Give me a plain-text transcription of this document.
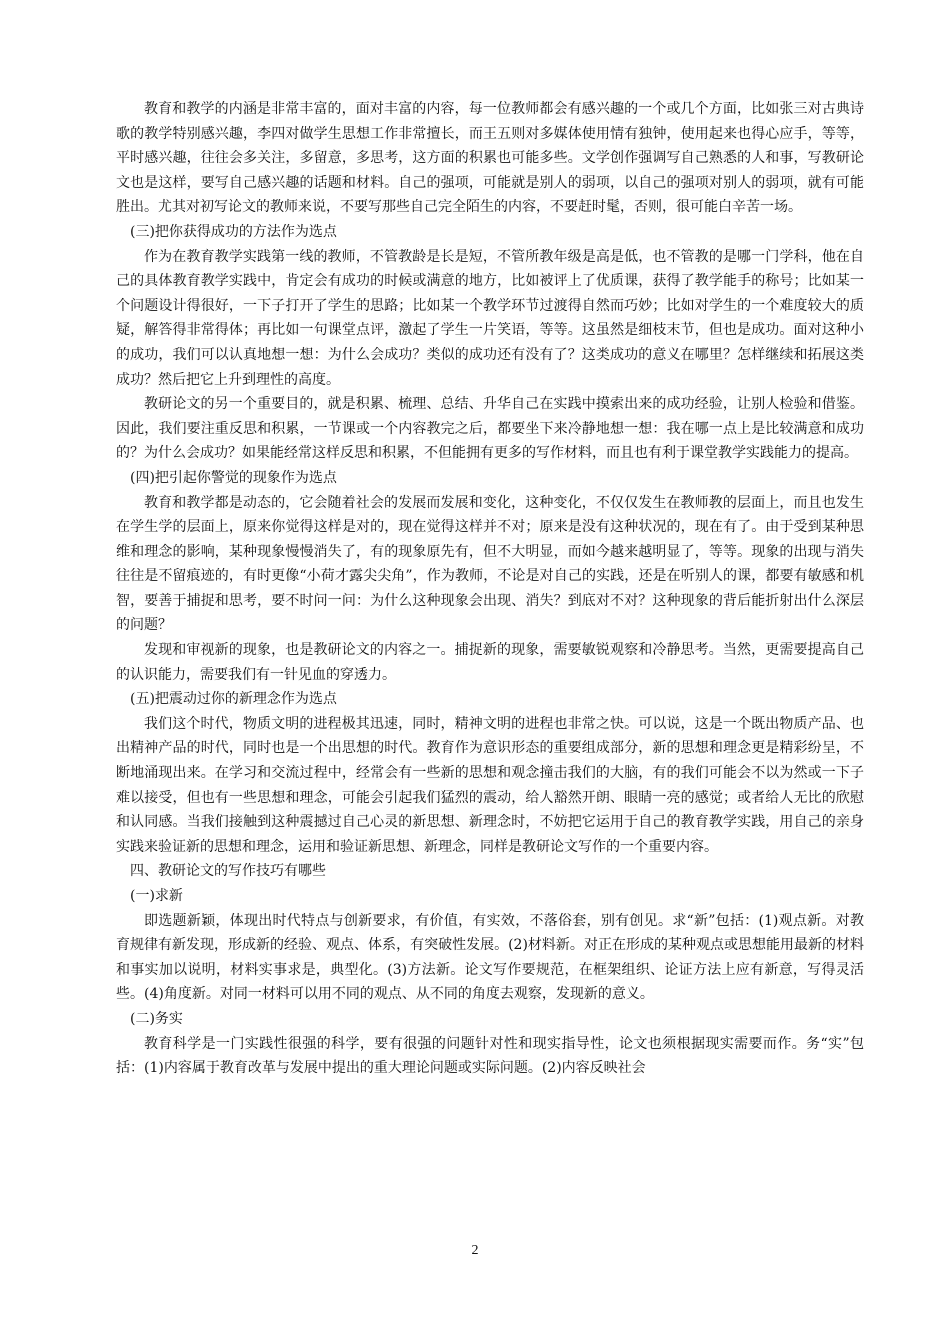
教育和教学的内涵是非常丰富的，面对丰富的内容，每一位教师都会有感兴趣的一个或几个方面，比如张三对古典诗歌的教学特别感兴趣，李四对做学生思想工作非常擅长，而王五则对多媒体使用情有独钟，使用起来也得心应手，等等，平时感兴趣，往往会多关注，多留意，多思考，这方面的积累也可能多些。文学创作强调写自己熟悉的人和事，写教研论文也是这样，要写自己感兴趣的话题和材料。自己的强项，可能就是别人的弱项，以自己的强项对别人的弱项，就有可能胜出。尤其对初写论文的教师来说，不要写那些自己完全陌生的内容，不要赶时髦，否则，很可能白辛苦一场。

(三)把你获得成功的方法作为选点

作为在教育教学实践第一线的教师，不管教龄是长是短，不管所教年级是高是低，也不管教的是哪一门学科，他在自己的具体教育教学实践中，肯定会有成功的时候或满意的地方，比如被评上了优质课，获得了教学能手的称号；比如某一个问题设计得很好，一下子打开了学生的思路；比如某一个教学环节过渡得自然而巧妙；比如对学生的一个难度较大的质疑，解答得非常得体；再比如一句课堂点评，激起了学生一片笑语，等等。这虽然是细枝末节，但也是成功。面对这种小的成功，我们可以认真地想一想：为什么会成功？类似的成功还有没有了？这类成功的意义在哪里？怎样继续和拓展这类成功？然后把它上升到理性的高度。

教研论文的另一个重要目的，就是积累、梳理、总结、升华自己在实践中摸索出来的成功经验，让别人检验和借鉴。因此，我们要注重反思和积累，一节课或一个内容教完之后，都要坐下来冷静地想一想：我在哪一点上是比较满意和成功的？为什么会成功？如果能经常这样反思和积累，不但能拥有更多的写作材料，而且也有利于课堂教学实践能力的提高。

(四)把引起你警觉的现象作为选点

教育和教学都是动态的，它会随着社会的发展而发展和变化，这种变化，不仅仅发生在教师教的层面上，而且也发生在学生学的层面上，原来你觉得这样是对的，现在觉得这样并不对；原来是没有这种状况的，现在有了。由于受到某种思维和理念的影响，某种现象慢慢消失了，有的现象原先有，但不大明显，而如今越来越明显了，等等。现象的出现与消失往往是不留痕迹的，有时更像“小荷才露尖尖角”，作为教师，不论是对自己的实践，还是在听别人的课，都要有敏感和机智，要善于捕捉和思考，要不时问一问：为什么这种现象会出现、消失？到底对不对？这种现象的背后能折射出什么深层的问题？

发现和审视新的现象，也是教研论文的内容之一。捕捉新的现象，需要敏锐观察和冷静思考。当然，更需要提高自己的认识能力，需要我们有一针见血的穿透力。

(五)把震动过你的新理念作为选点

我们这个时代，物质文明的进程极其迅速，同时，精神文明的进程也非常之快。可以说，这是一个既出物质产品、也出精神产品的时代，同时也是一个出思想的时代。教育作为意识形态的重要组成部分，新的思想和理念更是精彩纷呈，不断地涌现出来。在学习和交流过程中，经常会有一些新的思想和观念撞击我们的大脑，有的我们可能会不以为然或一下子难以接受，但也有一些思想和理念，可能会引起我们猛烈的震动，给人豁然开朗、眼睛一亮的感觉；或者给人无比的欣慰和认同感。当我们接触到这种震撼过自己心灵的新思想、新理念时，不妨把它运用于自己的教育教学实践，用自己的亲身实践来验证新的思想和理念，运用和验证新思想、新理念，同样是教研论文写作的一个重要内容。

四、教研论文的写作技巧有哪些
(一)求新

即选题新颖，体现出时代特点与创新要求，有价值，有实效，不落俗套，别有创见。求“新”包括：(1)观点新。对教育规律有新发现，形成新的经验、观点、体系，有突破性发展。(2)材料新。对正在形成的某种观点或思想能用最新的材料和事实加以说明，材料实事求是，典型化。(3)方法新。论文写作要规范，在框架组织、论证方法上应有新意，写得灵活些。(4)角度新。对同一材料可以用不同的观点、从不同的角度去观察，发现新的意义。

(二)务实

教育科学是一门实践性很强的科学，要有很强的问题针对性和现实指导性，论文也须根据现实需要而作。务“实”包括：(1)内容属于教育改革与发展中提出的重大理论问题或实际问题。(2)内容反映社会

2
